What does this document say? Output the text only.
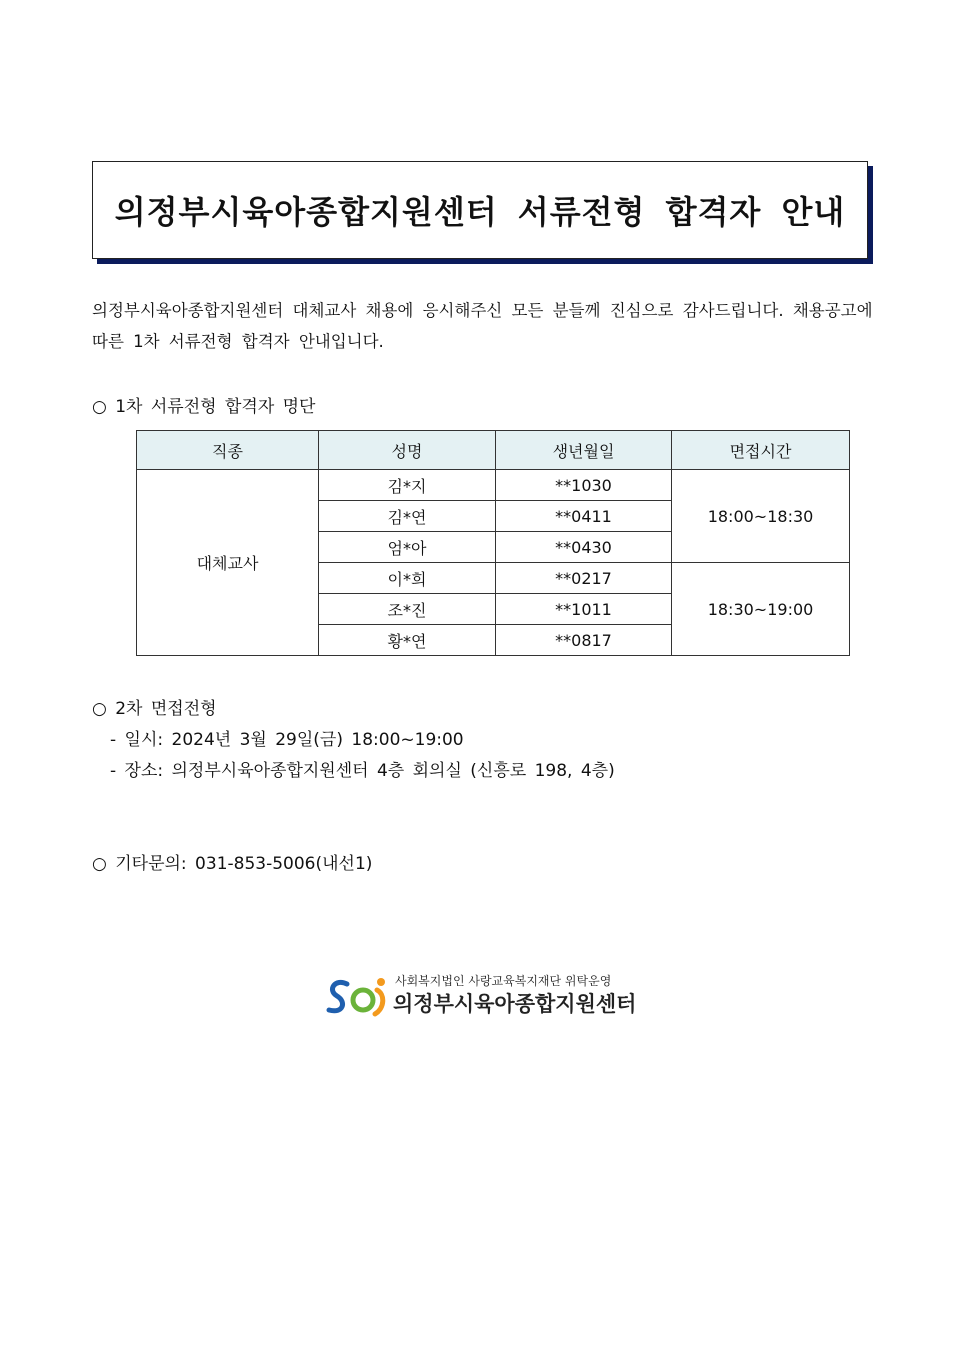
의정부시육아종합지원센터 서류전형 합격자 안내

의정부시육아종합지원센터 대체교사 채용에 응시해주신 모든 분들께 진심으로 감사드립니다. 채용공고에 따른 1차 서류전형 합격자 안내입니다.

○ 1차 서류전형 합격자 명단

직종	성명	생년월일	면접시간
대체교사	김*지	**1030	18:00~18:30
	김*연	**0411	
	엄*아	**0430	
	이*희	**0217	18:30~19:00
	조*진	**1011	
	황*연	**0817	

○ 2차 면접전형

- 일시: 2024년 3월 29일(금) 18:00~19:00

- 장소: 의정부시육아종합지원센터 4층 회의실 (신흥로 198, 4층)

○ 기타문의: 031-853-5006(내선1)

사회복지법인 사랑교육복지재단 위탁운영
의정부시육아종합지원센터
